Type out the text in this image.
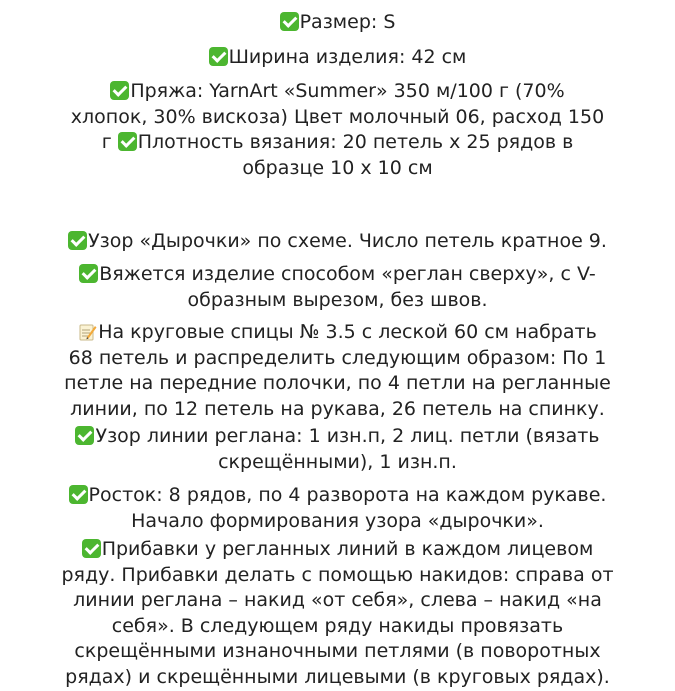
Размер: S

Ширина изделия: 42 см

Пряжа: YarnArt «Summer» 350 м/100 г (70%
хлопок, 30% вискоза) Цвет молочный 06, расход 150
г Плотность вязания: 20 петель х 25 рядов в
образце 10 х 10 см

Узор «Дырочки» по схеме. Число петель кратное 9.

Вяжется изделие способом «реглан сверху», с V-
образным вырезом, без швов.
На круговые спицы № 3.5 с леской 60 см набрать
68 петель и распределить следующим образом: По 1
петле на передние полочки, по 4 петли на регланные
линии, по 12 петель на рукава, 26 петель на спинку.
Узор линии реглана: 1 изн.п, 2 лиц. петли (вязать
скрещёнными), 1 изн.п.
Росток: 8 рядов, по 4 разворота на каждом рукаве.
Начало формирования узора «дырочки».
Прибавки у регланных линий в каждом лицевом
ряду. Прибавки делать с помощью накидов: справа от
линии реглана – накид «от себя», слева – накид «на
себя». В следующем ряду накиды провязать
скрещёнными изнаночными петлями (в поворотных
рядах) и скрещёнными лицевыми (в круговых рядах).
